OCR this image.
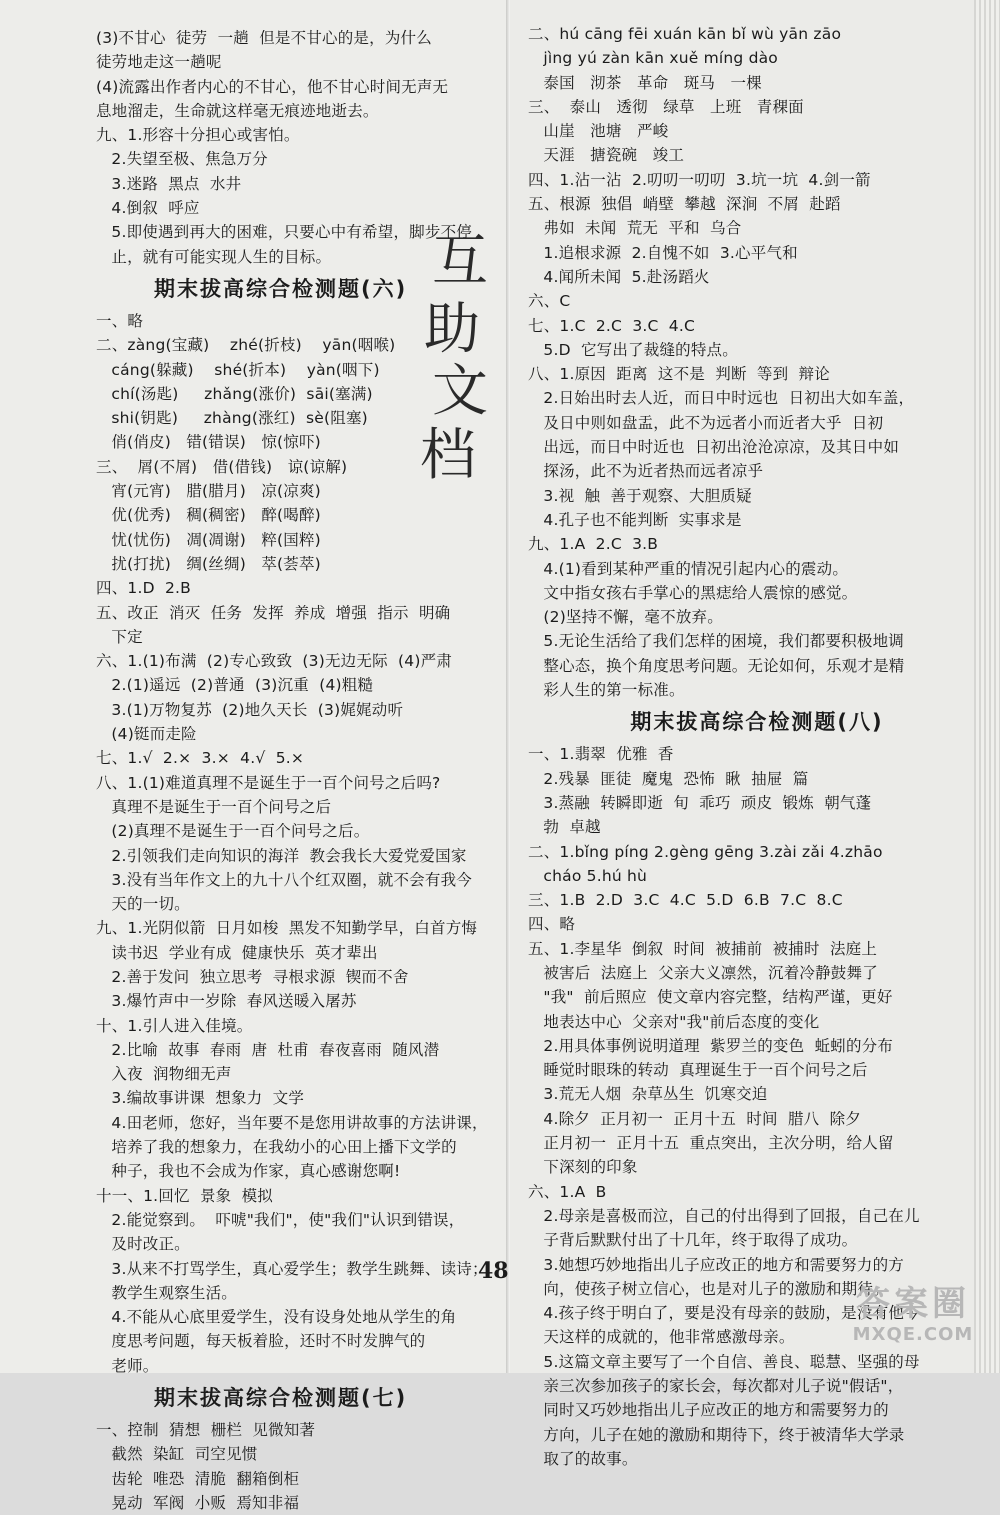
(3)不甘心  徒劳  一趟  但是不甘心的是，为什么
徒劳地走这一趟呢
(4)流露出作者内心的不甘心，他不甘心时间无声无
息地溜走，生命就这样毫无痕迹地逝去。
九、1.形容十分担心或害怕。
2.失望至极、焦急万分
3.迷路  黑点  水井
4.倒叙  呼应
5.即使遇到再大的困难，只要心中有希望，脚步不停
止，就有可能实现人生的目标。
期末拔高综合检测题(六)
一、略
二、zàng(宝藏)    zhé(折枝)    yān(咽喉)
cáng(躲藏)    shé(折本)    yàn(咽下)
chí(汤匙)     zhǎng(涨价)  sāi(塞满)
shi(钥匙)     zhàng(涨红)  sè(阻塞)
俏(俏皮)   错(错误)   惊(惊吓)
三、  屑(不屑)   借(借钱)   谅(谅解)
宵(元宵)   腊(腊月)   凉(凉爽)
优(优秀)   稠(稠密)   醉(喝醉)
忧(忧伤)   凋(凋谢)   粹(国粹)
扰(打扰)   绸(丝绸)   萃(荟萃)
四、1.D  2.B
五、改正  消灭  任务  发挥  养成  增强  指示  明确
下定
六、1.(1)布满  (2)专心致致  (3)无边无际  (4)严肃
2.(1)遥远  (2)普通  (3)沉重  (4)粗糙
3.(1)万物复苏  (2)地久天长  (3)娓娓动听
(4)铤而走险
七、1.√  2.×  3.×  4.√  5.×
八、1.(1)难道真理不是诞生于一百个问号之后吗?
真理不是诞生于一百个问号之后
(2)真理不是诞生于一百个问号之后。
2.引领我们走向知识的海洋  教会我长大爱党爱国家
3.没有当年作文上的九十八个红双圈，就不会有我今
天的一切。
九、1.光阴似箭  日月如梭  黑发不知勤学早，白首方悔
读书迟  学业有成  健康快乐  英才辈出
2.善于发问  独立思考  寻根求源  锲而不舍
3.爆竹声中一岁除  春风送暖入屠苏
十、1.引人进入佳境。
2.比喻  故事  春雨  唐  杜甫  春夜喜雨  随风潜
入夜  润物细无声
3.编故事讲课  想象力  文学
4.田老师，您好，当年要不是您用讲故事的方法讲课，
培养了我的想象力，在我幼小的心田上播下文学的
种子，我也不会成为作家，真心感谢您啊!
十一、1.回忆  景象  模拟
2.能觉察到。  吓唬"我们"，使"我们"认识到错误，
及时改正。
3.从来不打骂学生，真心爱学生；教学生跳舞、读诗；
教学生观察生活。
4.不能从心底里爱学生，没有设身处地从学生的角
度思考问题，每天板着脸，还时不时发脾气的
老师。
期末拔高综合检测题(七)
一、控制  猜想  栅栏  见微知著
截然  染缸  司空见惯
齿轮  唯恐  清脆  翻箱倒柜
晃动  军阀  小贩  焉知非福
互
助
文
档
二、hú cāng fēi xuán kān bǐ wù yān zāo
jìng yú zàn kān xuě míng dào
泰国   沏茶   革命   斑马   一棵
三、  泰山   透彻   绿草   上班   青稞面
山崖   池塘   严峻
天涯   搪瓷碗   竣工
四、1.沾一沾  2.叨叨一叨叨  3.坑一坑  4.剑一箭
五、根源  独倡  峭壁  攀越  深涧  不屑  赴蹈
弗如  未闻  荒无  平和  乌合
1.追根求源  2.自愧不如  3.心平气和
4.闻所未闻  5.赴汤蹈火
六、C
七、1.C  2.C  3.C  4.C
5.D  它写出了裁缝的特点。
八、1.原因  距离  这不是  判断  等到  辩论
2.日始出时去人近，而日中时远也  日初出大如车盖，
及日中则如盘盂，此不为远者小而近者大乎  日初
出远，而日中时近也  日初出沧沧凉凉，及其日中如
探汤，此不为近者热而远者凉乎
3.视  触  善于观察、大胆质疑
4.孔子也不能判断  实事求是
九、1.A  2.C  3.B
4.(1)看到某种严重的情况引起内心的震动。
文中指女孩右手掌心的黑痣给人震惊的感觉。
(2)坚持不懈，毫不放弃。
5.无论生活给了我们怎样的困境，我们都要积极地调
整心态，换个角度思考问题。无论如何，乐观才是精
彩人生的第一标准。
期末拔高综合检测题(八)
一、1.翡翠  优雅  香
2.残暴  匪徒  魔鬼  恐怖  瞅  抽屉  篇
3.蒸融  转瞬即逝  旬  乖巧  顽皮  锻炼  朝气蓬
勃  卓越
二、1.bǐng píng 2.gèng gēng 3.zài zǎi 4.zhāo
cháo 5.hú hù
三、1.B  2.D  3.C  4.C  5.D  6.B  7.C  8.C
四、略
五、1.李星华  倒叙  时间  被捕前  被捕时  法庭上
被害后  法庭上  父亲大义凛然，沉着冷静鼓舞了
"我"  前后照应  使文章内容完整，结构严谨，更好
地表达中心  父亲对"我"前后态度的变化
2.用具体事例说明道理  紫罗兰的变色  蚯蚓的分布
睡觉时眼珠的转动  真理诞生于一百个问号之后
3.荒无人烟  杂草丛生  饥寒交迫
4.除夕  正月初一  正月十五  时间  腊八  除夕
正月初一  正月十五  重点突出，主次分明，给人留
下深刻的印象
六、1.A  B
2.母亲是喜极而泣，自己的付出得到了回报，自己在儿
子背后默默付出了十几年，终于取得了成功。
3.她想巧妙地指出儿子应改正的地方和需要努力的方
向，使孩子树立信心，也是对儿子的激励和期待。
4.孩子终于明白了，要是没有母亲的鼓励，是没有他今
天这样的成就的，他非常感激母亲。
5.这篇文章主要写了一个自信、善良、聪慧、坚强的母
亲三次参加孩子的家长会，每次都对儿子说"假话"，
同时又巧妙地指出儿子应改正的地方和需要努力的
方向，儿子在她的激励和期待下，终于被清华大学录
取了的故事。
48
答案圈
MXQE.COM
